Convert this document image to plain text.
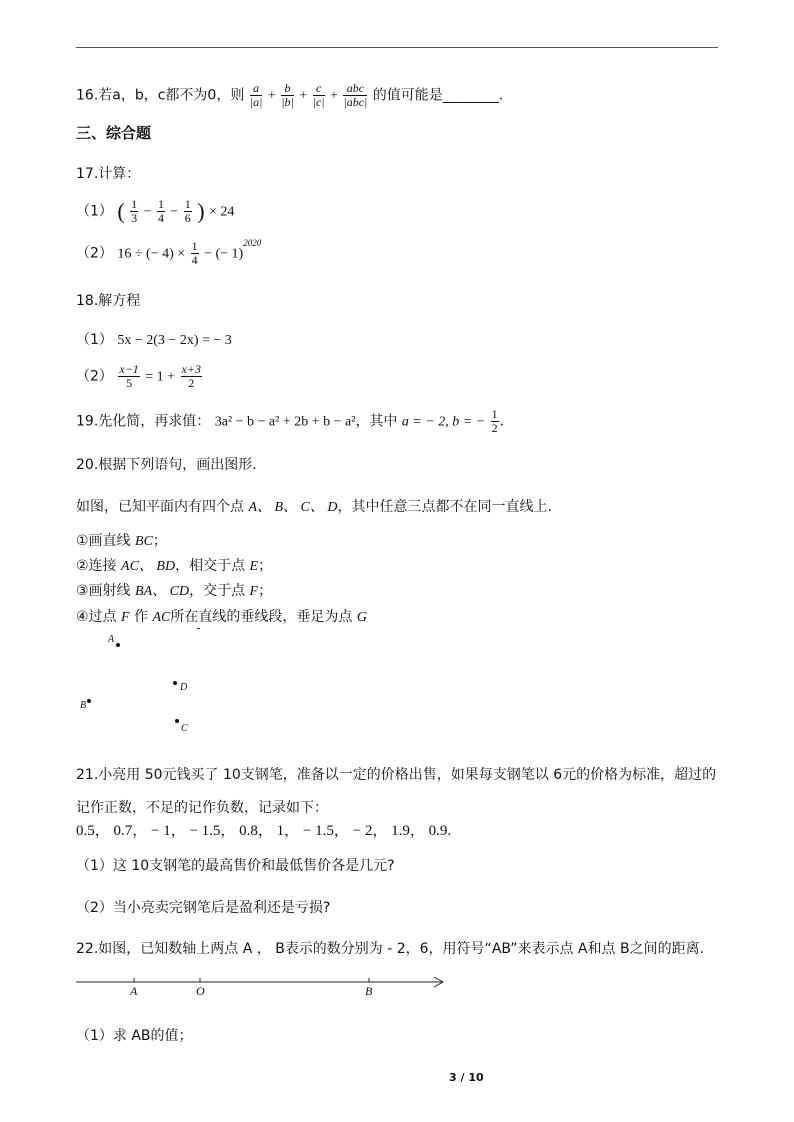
16.若a，b，c都不为0，则 $\frac{a}{|a|} + \frac{b}{|b|} + \frac{c}{|c|} + \frac{\text{abc}}{\text{|abc|}}$ 的值可能是________.
三、综合题
17.计算：
（1） ( $\frac{1}{3} - \frac{1}{4} - \frac{1}{6}$ ) × 24
（2） 16 ÷ (− $4) \times \frac{1}{4}$ − (− 1)$^{2020}$
18.解方程
（1） 5x − 2(3 − 2x) = − 3
$(2) \frac{x-1}{5} = 1 + \frac{x+3}{2}$
19.先化简，再求值： 3a² − b − a² + 2b + b − a²，其中 a = − 2, b = − $\frac{1}{2}$ .
20.根据下列语句，画出图形.
如图，已知平面内有四个点 A、 B、 C、 D，其中任意三点都不在同一直线上.
①画直线 BC；
②连接 AC、 BD，相交于点 E；
③画射线 BA、 CD，交于点 F；
④过点 F 作 AC所在直线的垂线段，垂足为点 G
A
D
B
C
21.小亮用 50元钱买了 10支钢笔，准备以一定的价格出售，如果每支钢笔以 6元的价格为标准，超过的
记作正数，不足的记作负数，记录如下：
0.5， 0.7， − 1， − 1.5， 0.8， 1， − 1.5， − 2， 1.9， 0.9.
（1）这 10支钢笔的最高售价和最低售价各是几元?
（2）当小亮卖完钢笔后是盈利还是亏损?
22.如图，已知数轴上两点 A ， B表示的数分别为 - 2，6，用符号“AB”来表示点 A和点 B之间的距离.
A	O	B
（1）求 AB的值；
3 / 10
